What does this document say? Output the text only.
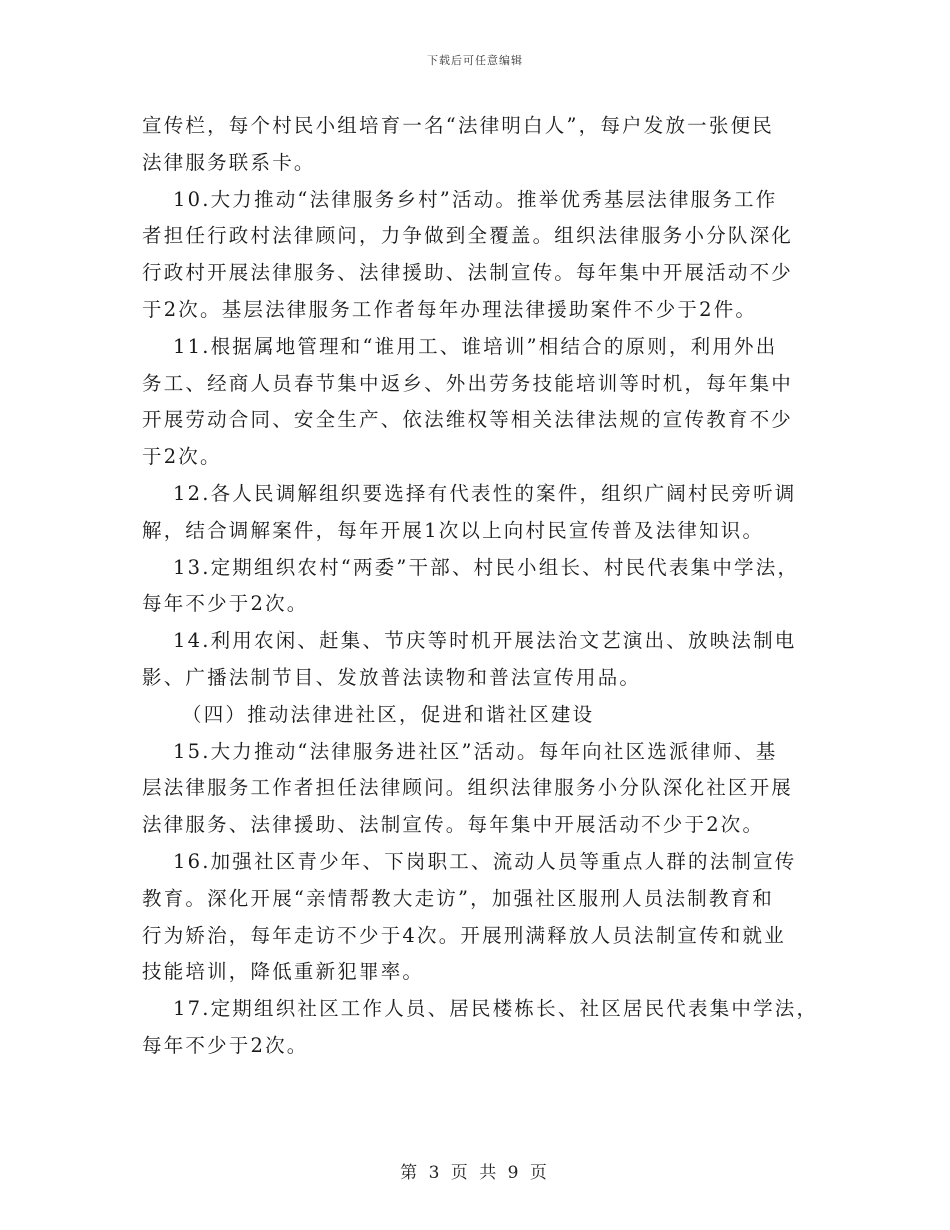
下载后可任意编辑

宣传栏，每个村民小组培育一名“法律明白人”，每户发放一张便民
法律服务联系卡。

10.大力推动“法律服务乡村”活动。推举优秀基层法律服务工作
者担任行政村法律顾问，力争做到全覆盖。组织法律服务小分队深化
行政村开展法律服务、法律援助、法制宣传。每年集中开展活动不少
于2次。基层法律服务工作者每年办理法律援助案件不少于2件。

11.根据属地管理和“谁用工、谁培训”相结合的原则，利用外出
务工、经商人员春节集中返乡、外出劳务技能培训等时机，每年集中
开展劳动合同、安全生产、依法维权等相关法律法规的宣传教育不少
于2次。

12.各人民调解组织要选择有代表性的案件，组织广阔村民旁听调
解，结合调解案件，每年开展1次以上向村民宣传普及法律知识。

13.定期组织农村“两委”干部、村民小组长、村民代表集中学法，
每年不少于2次。

14.利用农闲、赶集、节庆等时机开展法治文艺演出、放映法制电
影、广播法制节目、发放普法读物和普法宣传用品。

（四）推动法律进社区，促进和谐社区建设

15.大力推动“法律服务进社区”活动。每年向社区选派律师、基
层法律服务工作者担任法律顾问。组织法律服务小分队深化社区开展
法律服务、法律援助、法制宣传。每年集中开展活动不少于2次。

16.加强社区青少年、下岗职工、流动人员等重点人群的法制宣传
教育。深化开展“亲情帮教大走访”，加强社区服刑人员法制教育和
行为矫治，每年走访不少于4次。开展刑满释放人员法制宣传和就业
技能培训，降低重新犯罪率。

17.定期组织社区工作人员、居民楼栋长、社区居民代表集中学法，
每年不少于2次。

第 3 页 共 9 页
